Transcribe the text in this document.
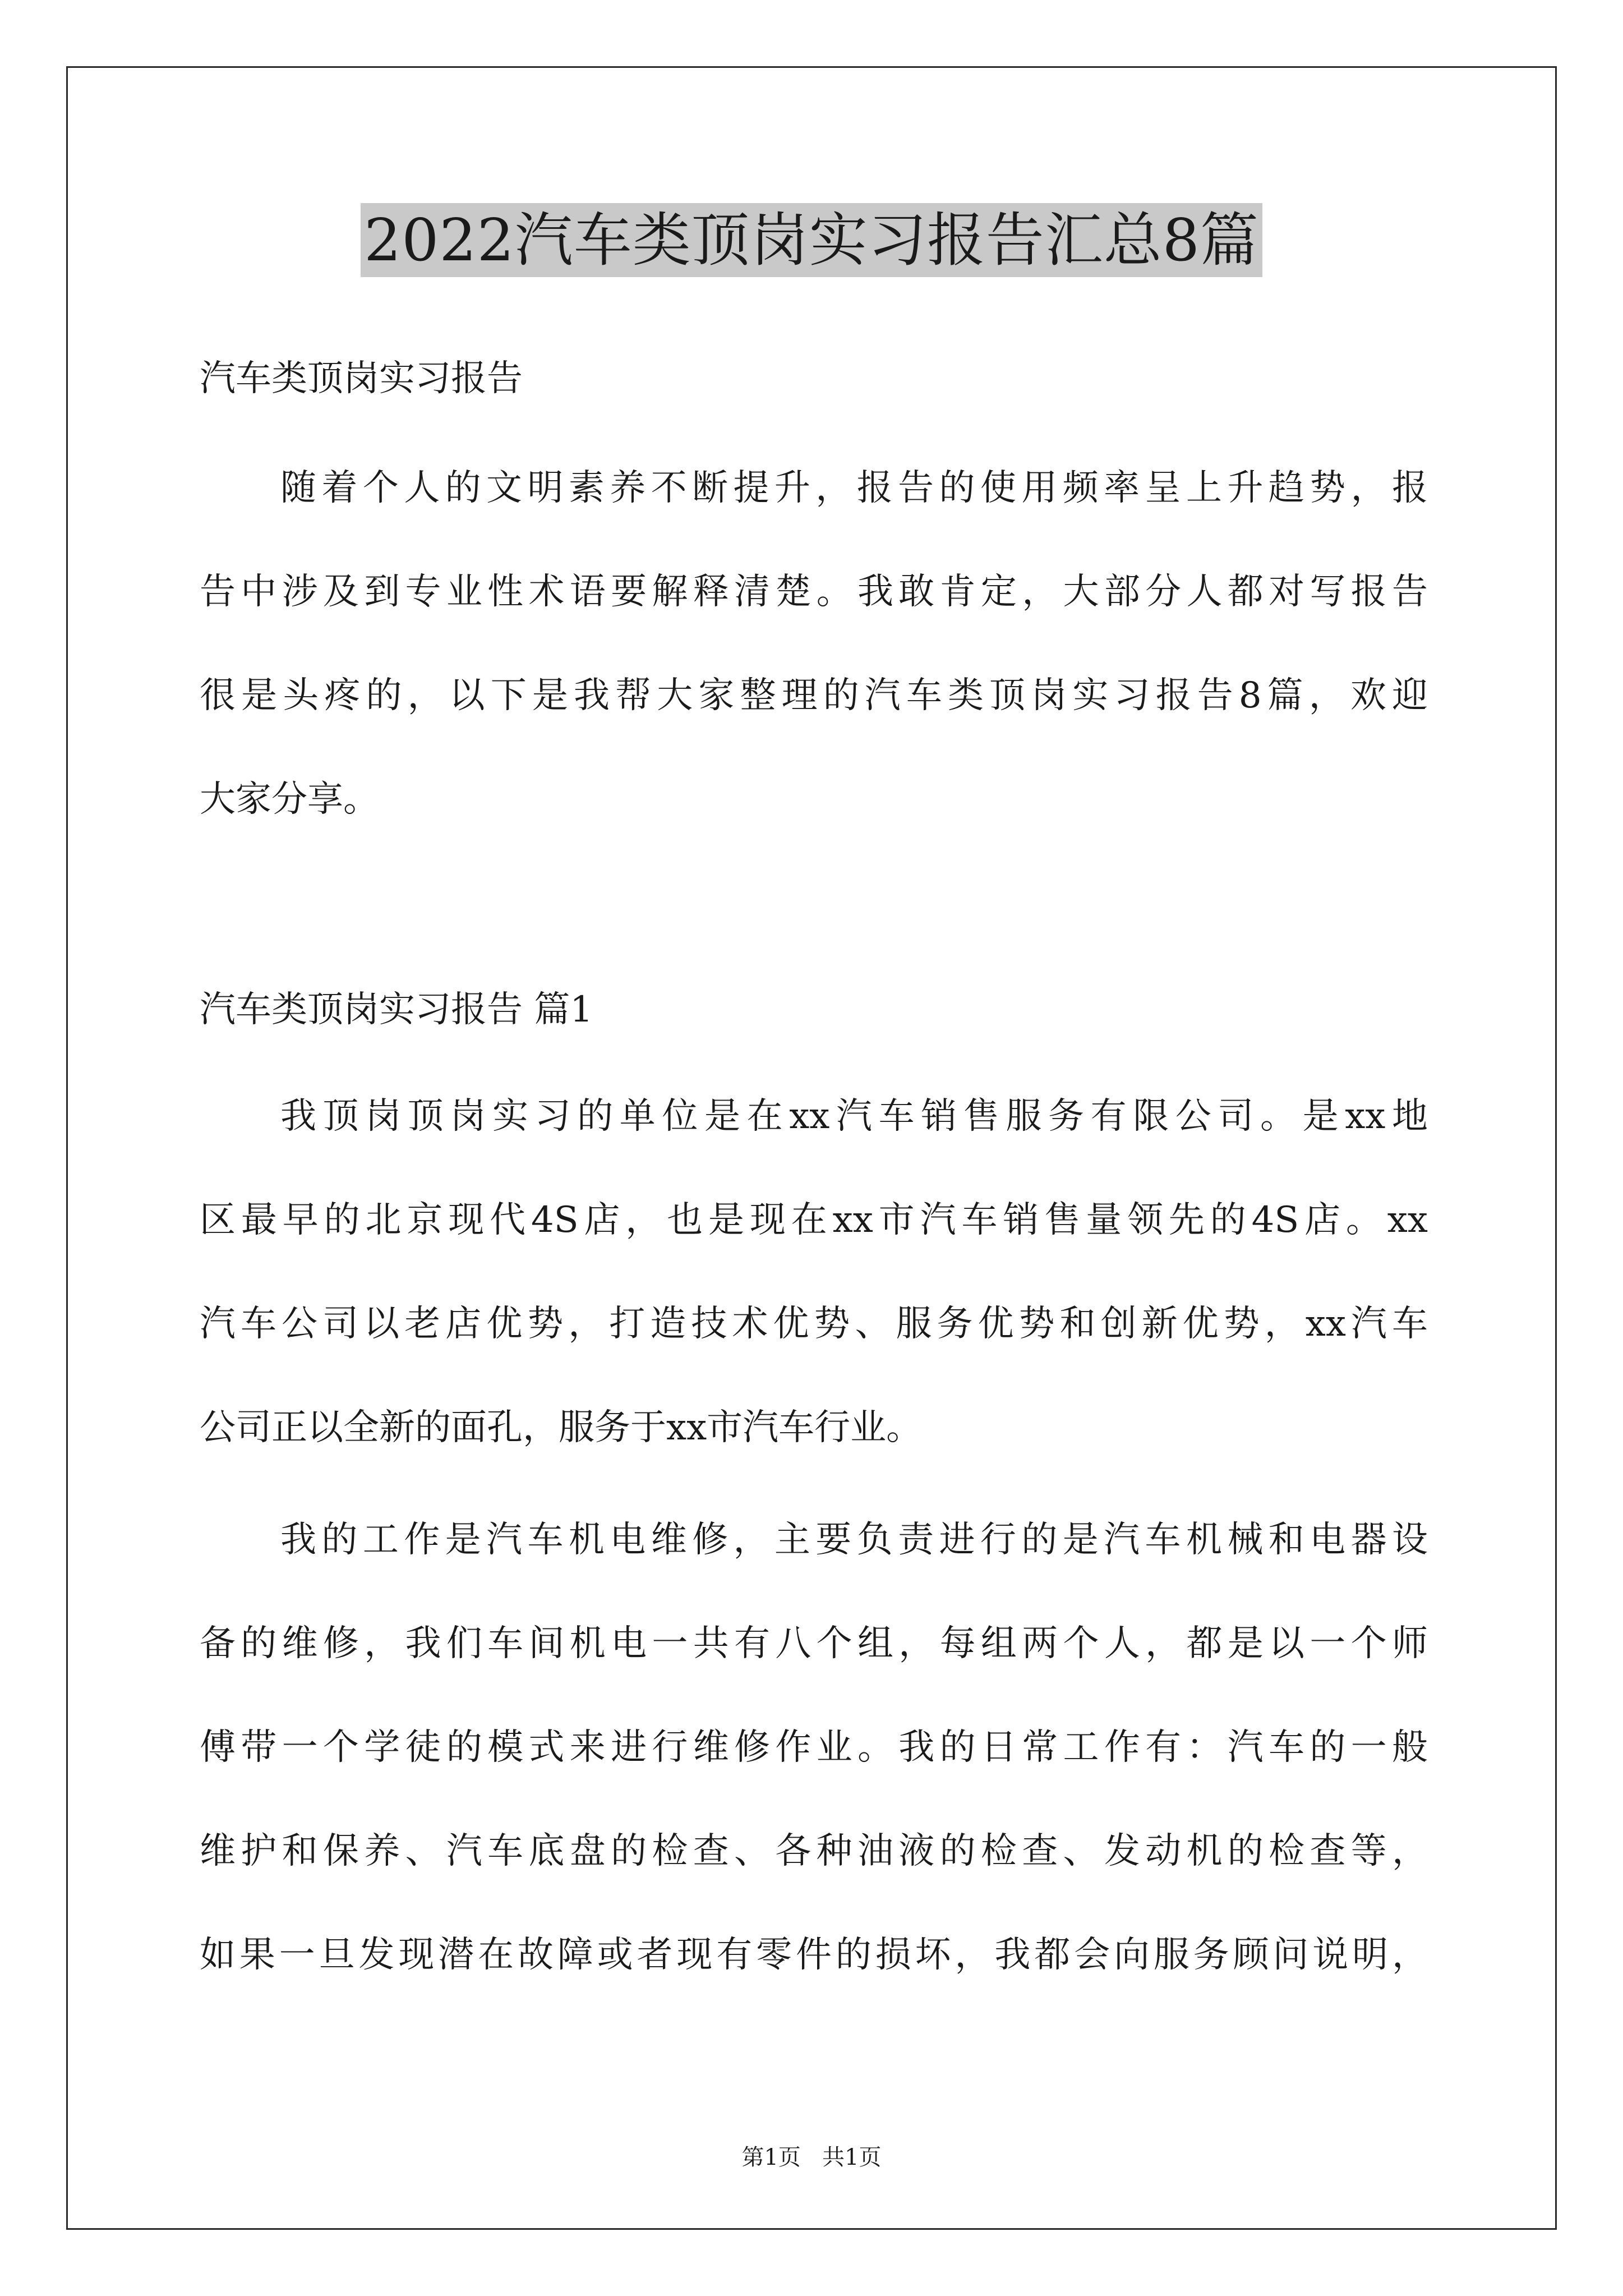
2022汽车类顶岗实习报告汇总8篇
汽车类顶岗实习报告
随着个人的文明素养不断提升，报告的使用频率呈上升趋势，报
告中涉及到专业性术语要解释清楚。我敢肯定，大部分人都对写报告
很是头疼的，以下是我帮大家整理的汽车类顶岗实习报告8篇，欢迎
大家分享。
汽车类顶岗实习报告 篇1
我顶岗顶岗实习的单位是在xx汽车销售服务有限公司。是xx地
区最早的北京现代4S店，也是现在xx市汽车销售量领先的4S店。xx
汽车公司以老店优势，打造技术优势、服务优势和创新优势，xx汽车
公司正以全新的面孔，服务于xx市汽车行业。
我的工作是汽车机电维修，主要负责进行的是汽车机械和电器设
备的维修，我们车间机电一共有八个组，每组两个人，都是以一个师
傅带一个学徒的模式来进行维修作业。我的日常工作有：汽车的一般
维护和保养、汽车底盘的检查、各种油液的检查、发动机的检查等，
如果一旦发现潜在故障或者现有零件的损坏，我都会向服务顾问说明，
第1页   共1页
